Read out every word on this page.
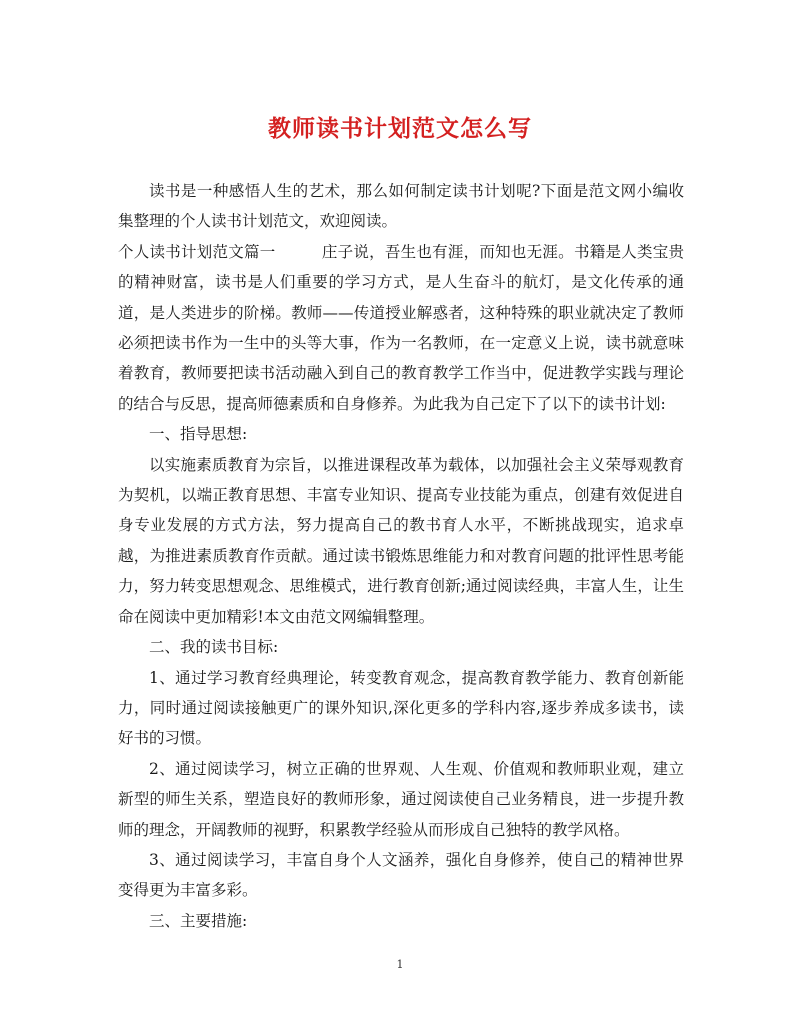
教师读书计划范文怎么写

读书是一种感悟人生的艺术，那么如何制定读书计划呢?下面是范文网小编收集整理的个人读书计划范文，欢迎阅读。

个人读书计划范文篇一	庄子说，吾生也有涯，而知也无涯。书籍是人类宝贵的精神财富，读书是人们重要的学习方式，是人生奋斗的航灯，是文化传承的通道，是人类进步的阶梯。教师——传道授业解惑者，这种特殊的职业就决定了教师必须把读书作为一生中的头等大事，作为一名教师，在一定意义上说，读书就意味着教育，教师要把读书活动融入到自己的教育教学工作当中，促进教学实践与理论的结合与反思，提高师德素质和自身修养。为此我为自己定下了以下的读书计划:

一、指导思想:

以实施素质教育为宗旨，以推进课程改革为载体，以加强社会主义荣辱观教育为契机，以端正教育思想、丰富专业知识、提高专业技能为重点，创建有效促进自身专业发展的方式方法，努力提高自己的教书育人水平，不断挑战现实，追求卓越，为推进素质教育作贡献。通过读书锻炼思维能力和对教育问题的批评性思考能力，努力转变思想观念、思维模式，进行教育创新;通过阅读经典，丰富人生，让生命在阅读中更加精彩!本文由范文网编辑整理。

二、我的读书目标:

1、通过学习教育经典理论，转变教育观念，提高教育教学能力、教育创新能力，同时通过阅读接触更广的课外知识,深化更多的学科内容,逐步养成多读书，读好书的习惯。

2、通过阅读学习，树立正确的世界观、人生观、价值观和教师职业观，建立新型的师生关系，塑造良好的教师形象，通过阅读使自己业务精良，进一步提升教师的理念，开阔教师的视野，积累教学经验从而形成自己独特的教学风格。

3、通过阅读学习，丰富自身个人文涵养，强化自身修养，使自己的精神世界变得更为丰富多彩。

三、主要措施:

1
